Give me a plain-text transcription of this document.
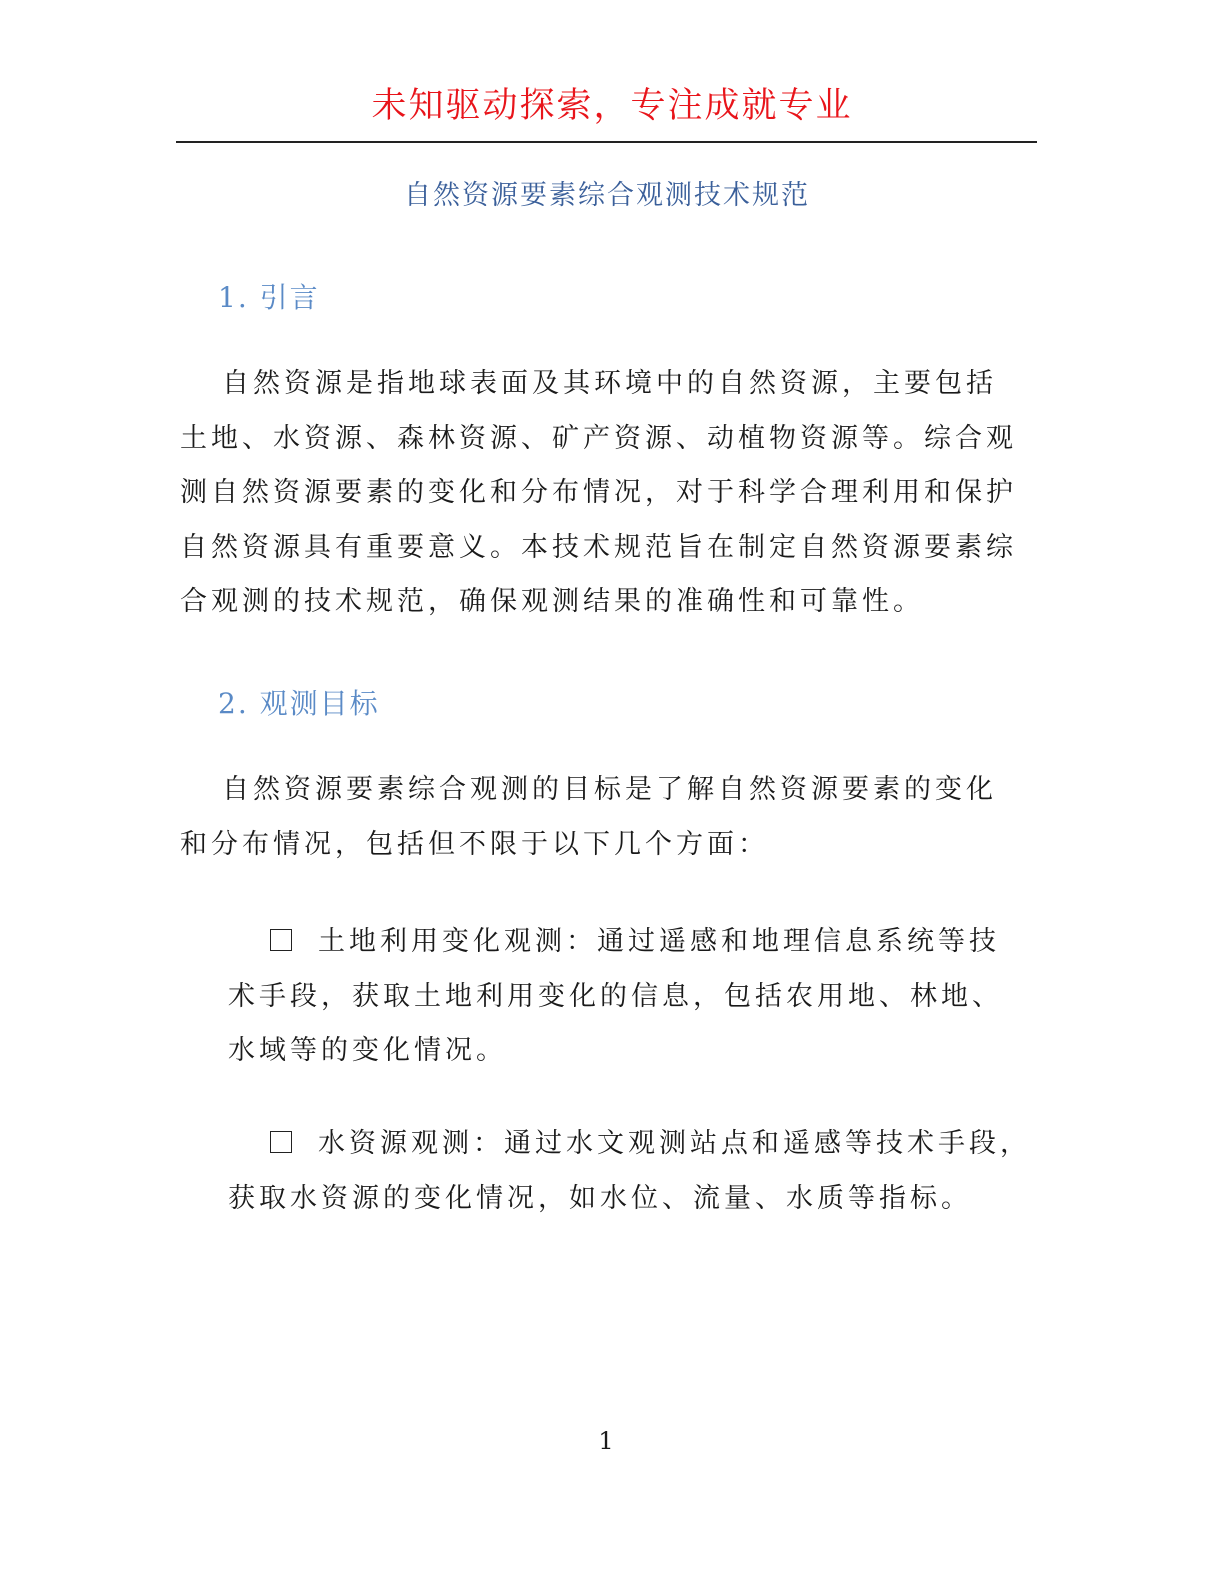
未知驱动探索，专注成就专业
自然资源要素综合观测技术规范
1. 引言
自然资源是指地球表面及其环境中的自然资源，主要包括
土地、水资源、森林资源、矿产资源、动植物资源等。综合观
测自然资源要素的变化和分布情况，对于科学合理利用和保护
自然资源具有重要意义。本技术规范旨在制定自然资源要素综
合观测的技术规范，确保观测结果的准确性和可靠性。
2. 观测目标
自然资源要素综合观测的目标是了解自然资源要素的变化
和分布情况，包括但不限于以下几个方面：
土地利用变化观测：通过遥感和地理信息系统等技
术手段，获取土地利用变化的信息，包括农用地、林地、
水域等的变化情况。
水资源观测：通过水文观测站点和遥感等技术手段，
获取水资源的变化情况，如水位、流量、水质等指标。
1
